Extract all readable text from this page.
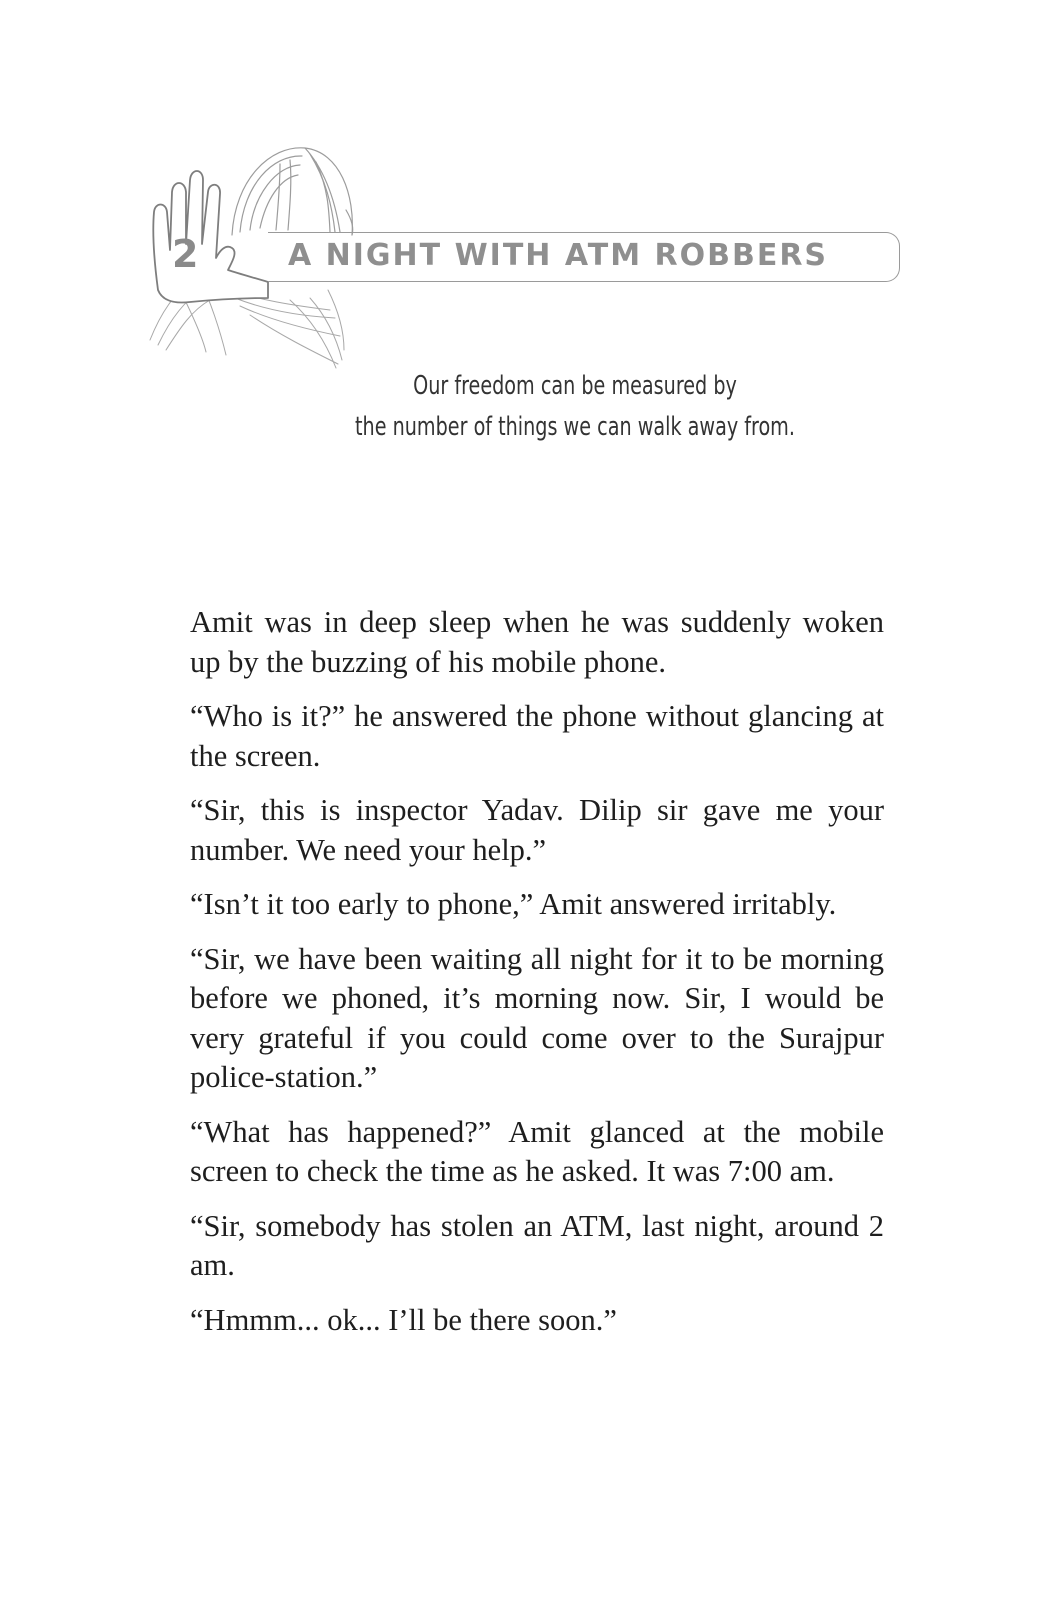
2	A NIGHT WITH ATM ROBBERS

Our freedom can be measured by

the number of things we can walk away from.

Amit was in deep sleep when he was suddenly woken up by the buzzing of his mobile phone.

“Who is it?” he answered the phone without glancing at the screen.

“Sir, this is inspector Yadav. Dilip sir gave me your number. We need your help.”

“Isn’t it too early to phone,” Amit answered irritably.

“Sir, we have been waiting all night for it to be morning before we phoned, it’s morning now. Sir, I would be very grateful if you could come over to the Surajpur police-station.”

“What has happened?” Amit glanced at the mobile screen to check the time as he asked. It was 7:00 am.

“Sir, somebody has stolen an ATM, last night, around 2 am.

“Hmmm... ok... I’ll be there soon.”
